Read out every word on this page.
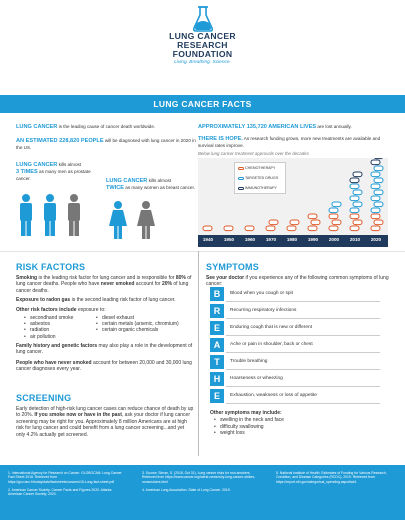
LUNG CANCER
RESEARCH
FOUNDATION
Living. Breathing. Science.
LUNG CANCER FACTS
LUNG CANCER is the leading cause of cancer death worldwide.
AN ESTIMATED 228,820 PEOPLE will be diagnosed with lung cancer in 2020 in the US.
LUNG CANCER kills almost
3 TIMES as many men as prostate cancer.	LUNG CANCER kills almost
TWICE as many women as breast cancer.
APPROXIMATELY 135,720 AMERICAN LIVES are lost annually.
THERE IS HOPE. As research funding grows, more new treatments are available and survival rates improve.
Below lung cancer treatment approvals over the decades
CHEMOTHERAPY
TARGETED DRUGS
IMMUNOTHERAPY
1940	1950	1960	1970	1980	1990	2000	2010	2020
RISK FACTORS
Smoking is the leading risk factor for lung cancer and is responsible for 80% of lung cancer deaths. People who have never smoked account for 20% of lung cancer deaths.
Exposure to radon gas is the second leading risk factor of lung cancer.
Other risk factors include exposure to:
• secondhand smoke
• asbestos
• radiation
• air pollution
• diesel exhaust
• certain metals (arsenic, chromium)
• certain organic chemicals
Family history and genetic factors may also play a role in the development of lung cancer.
People who have never smoked account for between 20,000 and 30,000 lung cancer diagnoses every year.
SCREENING
Early detection of high-risk lung cancer cases can reduce chance of death by up to 20%. If you smoke now or have in the past, ask your doctor if lung cancer screening may be right for you. Approximately 8 million Americans are at high risk for lung cancer and could benefit from a lung cancer screening...and yet only 4.2% actually get screened.
SYMPTOMS
See your doctor if you experience any of the following common symptoms of lung cancer:
B	Blood when you cough or spit
R	Recurring respiratory infections
E	Enduring cough that is new or different
A	Ache or pain in shoulder, back or chest
T	Trouble breathing
H	Hoarseness or wheezing
E	Exhaustion, weakness or loss of appetite
Other symptoms may include:
• swelling in the neck and face
• difficulty swallowing
• weight loss
1. International Agency for Research on Cancer. GLOBOCAN: Lung Cancer Fact Sheet 2018. Retrieved from https://gco.iarc.fr/today/data/factsheets/cancers/15-Lung-fact-sheet.pdf
2. American Cancer Society. Cancer Facts and Figures 2020. Atlanta: American Cancer Society; 2020.
3. Source: Siman, S. (2018, Oct 31). Lung cancer risks for non-smokers. Retrieved from https://www.cancer.org/latest-news/why-lung-cancer-strikes-nonsmokers.html
4. American Lung Association. State of Lung Cancer. 2019.
5. National Institute of Health. Estimates of Funding for Various Research, Condition, and Disease Categories (RCDC), 2019. Retrieved from https://report.nih.gov/categorical_spending.aspx#tab1
